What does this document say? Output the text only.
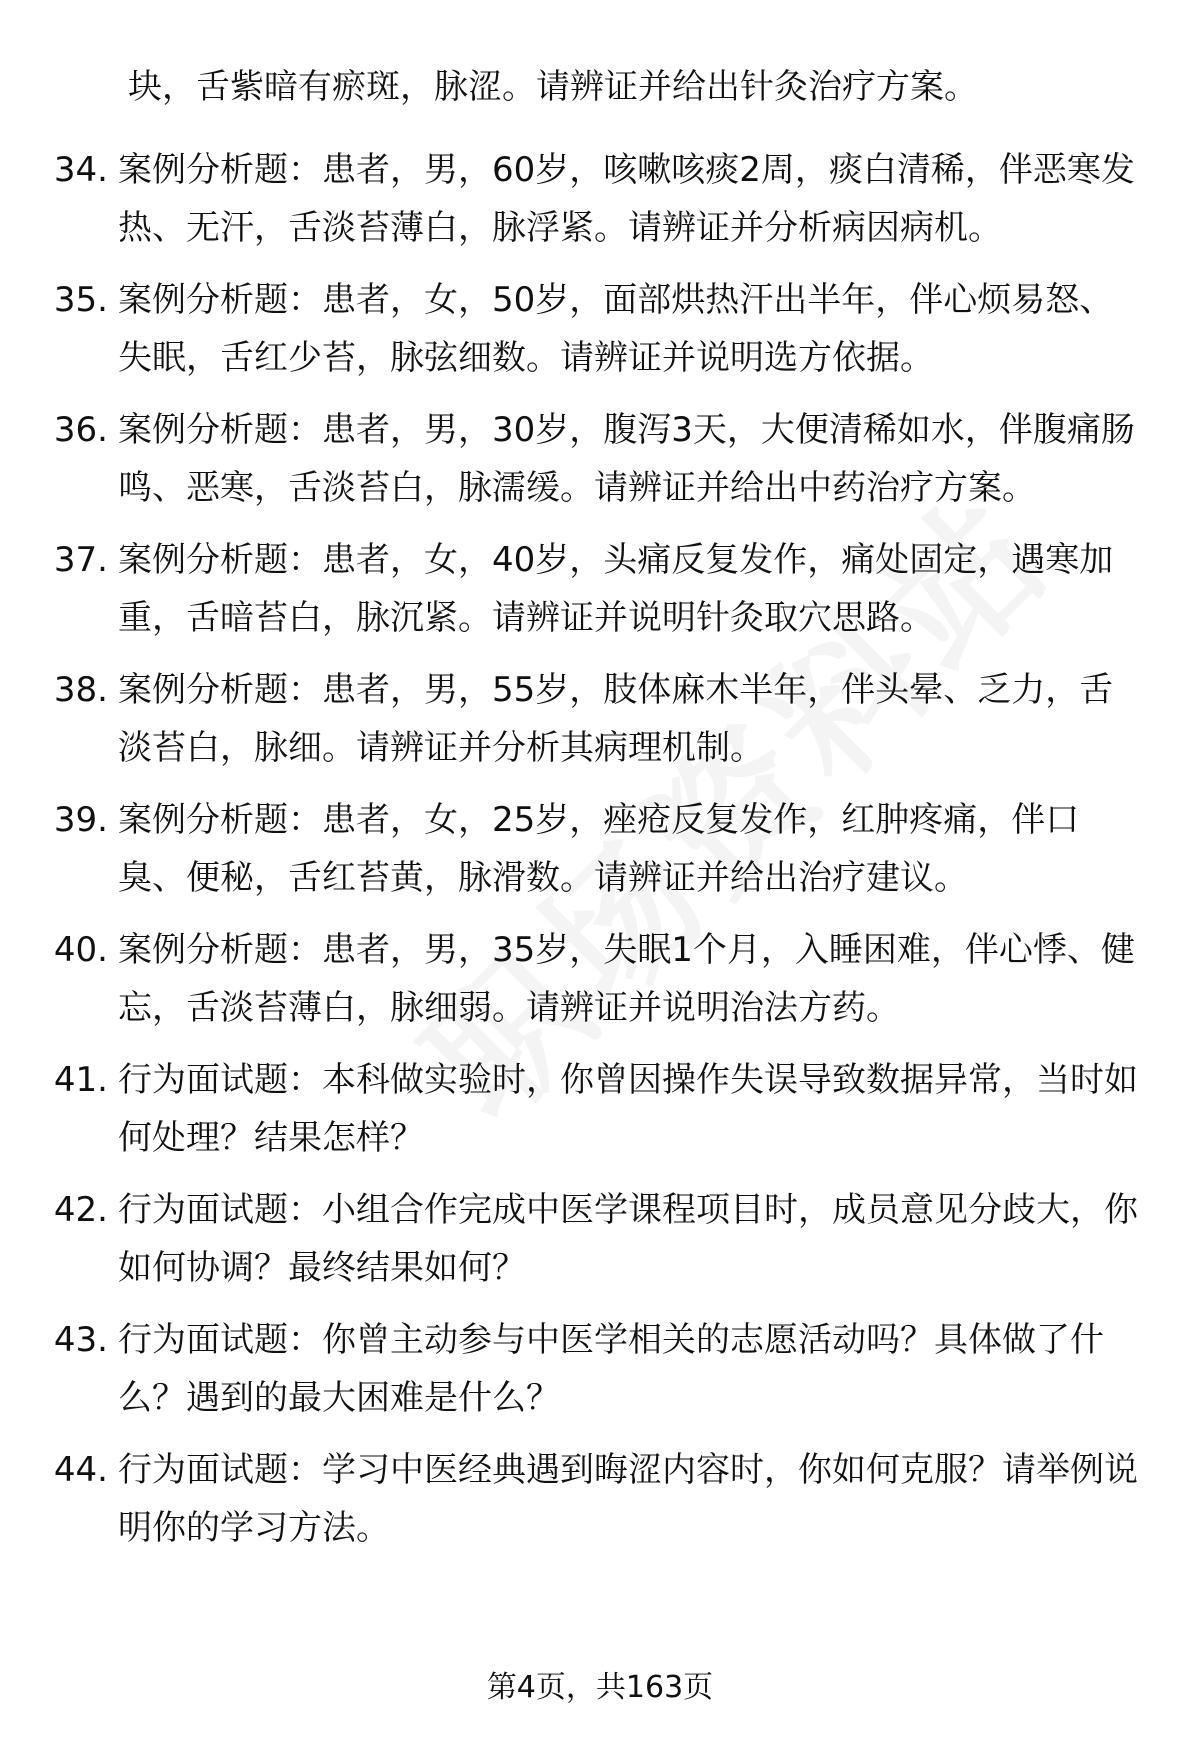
块，舌紫暗有瘀斑，脉涩。请辨证并给出针灸治疗方案。
34. 案例分析题：患者，男，60岁，咳嗽咳痰2周，痰白清稀，伴恶寒发热、无汗，舌淡苔薄白，脉浮紧。请辨证并分析病因病机。
35. 案例分析题：患者，女，50岁，面部烘热汗出半年，伴心烦易怒、失眠，舌红少苔，脉弦细数。请辨证并说明选方依据。
36. 案例分析题：患者，男，30岁，腹泻3天，大便清稀如水，伴腹痛肠鸣、恶寒，舌淡苔白，脉濡缓。请辨证并给出中药治疗方案。
37. 案例分析题：患者，女，40岁，头痛反复发作，痛处固定，遇寒加重，舌暗苔白，脉沉紧。请辨证并说明针灸取穴思路。
38. 案例分析题：患者，男，55岁，肢体麻木半年，伴头晕、乏力，舌淡苔白，脉细。请辨证并分析其病理机制。
39. 案例分析题：患者，女，25岁，痤疮反复发作，红肿疼痛，伴口臭、便秘，舌红苔黄，脉滑数。请辨证并给出治疗建议。
40. 案例分析题：患者，男，35岁，失眠1个月，入睡困难，伴心悸、健忘，舌淡苔薄白，脉细弱。请辨证并说明治法方药。
41. 行为面试题：本科做实验时，你曾因操作失误导致数据异常，当时如何处理？结果怎样？
42. 行为面试题：小组合作完成中医学课程项目时，成员意见分歧大，你如何协调？最终结果如何？
43. 行为面试题：你曾主动参与中医学相关的志愿活动吗？具体做了什么？遇到的最大困难是什么？
44. 行为面试题：学习中医经典遇到晦涩内容时，你如何克服？请举例说明你的学习方法。
第4页，共163页
